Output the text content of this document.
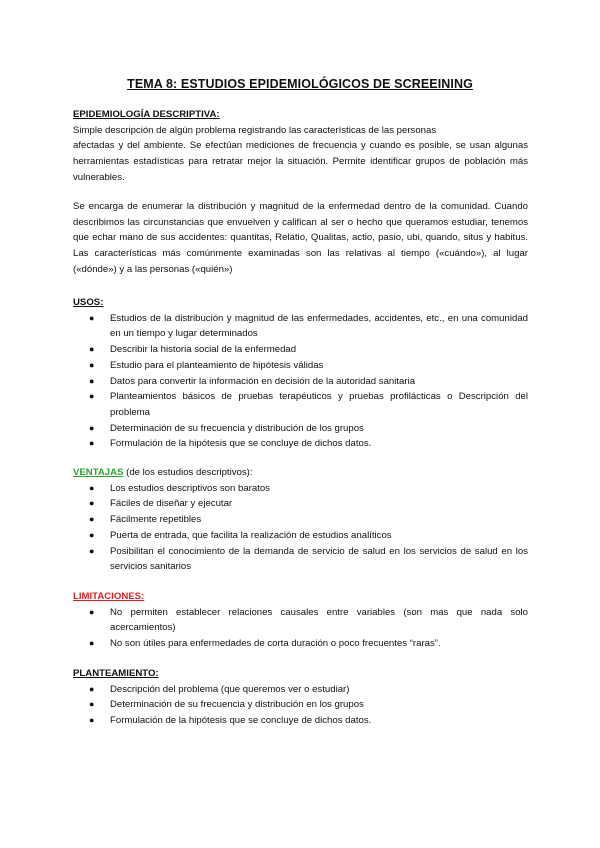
TEMA 8: ESTUDIOS EPIDEMIOLÓGICOS DE SCREEINING
EPIDEMIOLOGÍA DESCRIPTIVA:
Simple descripción de algún problema registrando las características de las personas
afectadas y del ambiente. Se efectúan mediciones de frecuencia y cuando es posible, se usan algunas herramientas estadísticas para retratar mejor la situación. Permite identificar grupos de población más vulnerables.
Se encarga de enumerar la distribución y magnitud de la enfermedad dentro de la comunidad. Cuando describimos las circunstancias que envuelven y califican al ser o hecho que queramos estudiar, tenemos que echar mano de sus accidentes: quantitas, Relatio, Qualitas, actio, pasio, ubi, quando, situs y habitus. Las características más comúnmente examinadas son las relativas al tiempo («cuándo»), al lugar («dónde») y a las personas («quién»)
USOS:
● Estudios de la distribución y magnitud de las enfermedades, accidentes, etc., en una comunidad en un tiempo y lugar determinados
● Describir la historia social de la enfermedad
● Estudio para el planteamiento de hipótesis válidas
● Datos para convertir la información en decisión de la autoridad sanitaria
● Planteamientos básicos de pruebas terapéuticos y pruebas profilácticas o Descripción del problema
● Determinación de su frecuencia y distribución de los grupos
● Formulación de la hipótesis que se concluye de dichos datos.
VENTAJAS (de los estudios descriptivos):
● Los estudios descriptivos son baratos
● Fáciles de diseñar y ejecutar
● Fácilmente repetibles
● Puerta de entrada, que facilita la realización de estudios analíticos
● Posibilitan el conocimiento de la demanda de servicio de salud en los servicios de salud en los servicios sanitarios
LIMITACIONES:
● No permiten establecer relaciones causales entre variables (son mas que nada solo acercamientos)
● No son útiles para enfermedades de corta duración o poco frecuentes “raras”.
PLANTEAMIENTO:
● Descripción del problema (que queremos ver o estudiar)
● Determinación de su frecuencia y distribución en los grupos
● Formulación de la hipótesis que se concluye de dichos datos.
